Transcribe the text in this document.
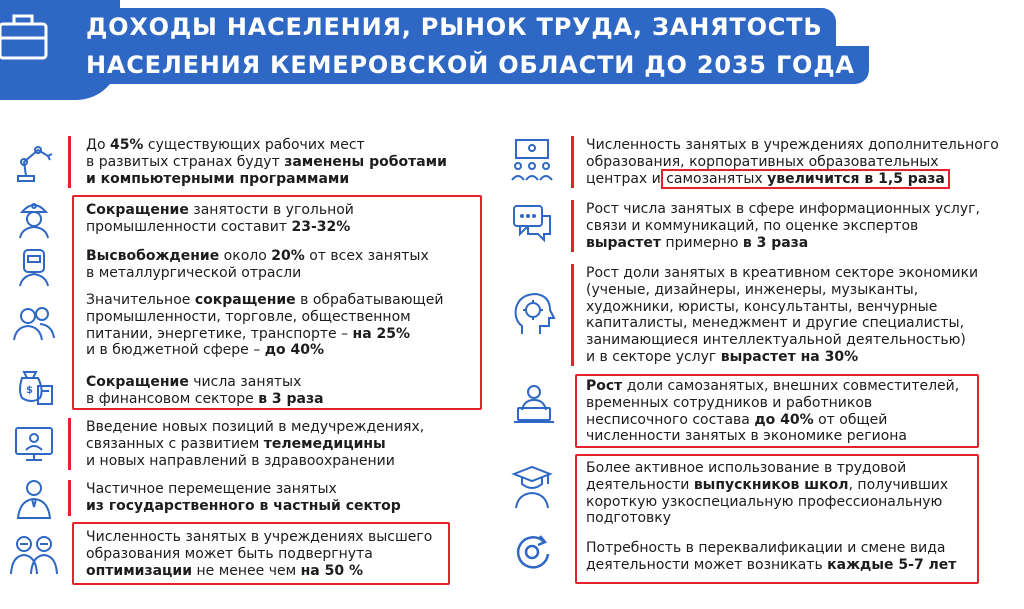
ДОХОДЫ НАСЕЛЕНИЯ, РЫНОК ТРУДА, ЗАНЯТОСТЬ
НАСЕЛЕНИЯ КЕМЕРОВСКОЙ ОБЛАСТИ ДО 2035 ГОДА
До 45% существующих рабочих мест
в развитых странах будут заменены роботами
и компьютерными программами
Сокращение занятости в угольной
промышленности составит 23-32%
Высвобождение около 20% от всех занятых
в металлургической отрасли
Значительное сокращение в обрабатывающей
промышленности, торговле, общественном
питании, энергетике, транспорте – на 25%
и в бюджетной сфере – до 40%
Сокращение числа занятых
в финансовом секторе в 3 раза
Введение новых позиций в медучреждениях,
связанных с развитием телемедицины
и новых направлений в здравоохранении
Частичное перемещение занятых
из государственного в частный сектор
Численность занятых в учреждениях высшего
образования может быть подвергнута
оптимизации не менее чем на 50 %
Численность занятых в учреждениях дополнительного
образования, корпоративных образовательных
центрах и самозанятых увеличится в 1,5 раза
Рост числа занятых в сфере информационных услуг,
связи и коммуникаций, по оценке экспертов
вырастет примерно в 3 раза
Рост доли занятых в креативном секторе экономики
(ученые, дизайнеры, инженеры, музыканты,
художники, юристы, консультанты, венчурные
капиталисты, менеджмент и другие специалисты,
занимающиеся интеллектуальной деятельностью)
и в секторе услуг вырастет на 30%
Рост доли самозанятых, внешних совместителей,
временных сотрудников и работников
несписочного состава до 40% от общей
численности занятых в экономике региона
Более активное использование в трудовой
деятельности выпускников школ, получивших
короткую узкоспециальную профессиональную
подготовку
Потребность в переквалификации и смене вида
деятельности может возникать каждые 5-7 лет
$
